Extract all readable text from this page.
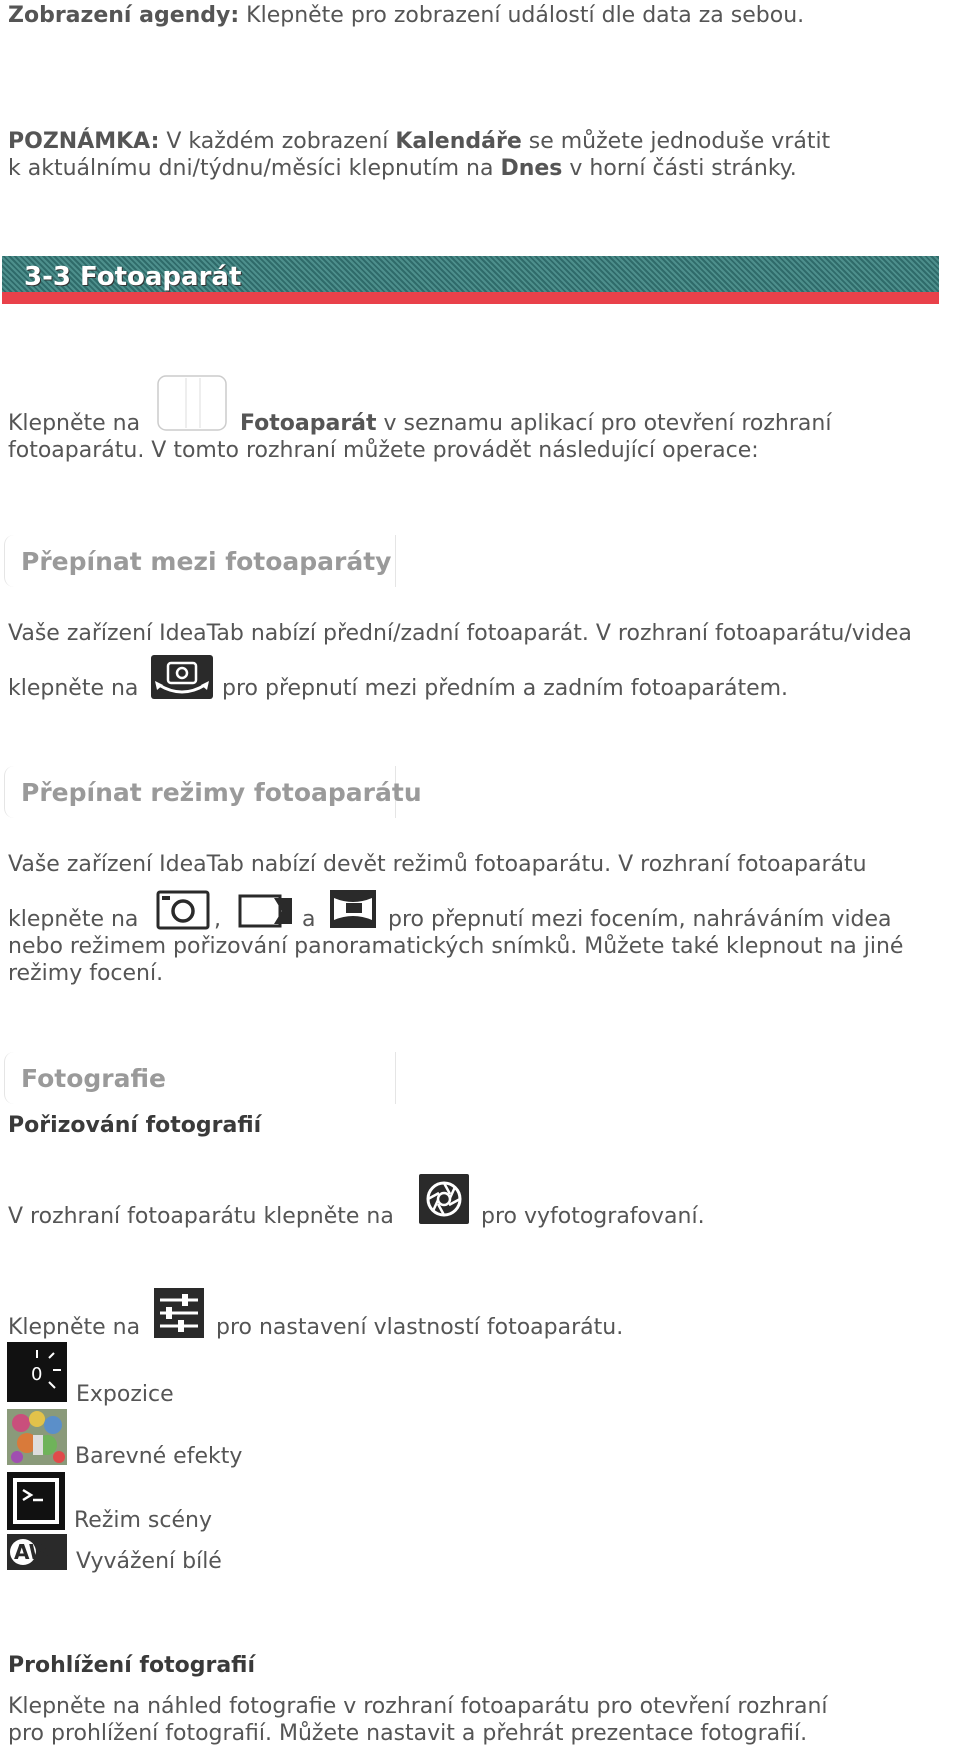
Zobrazení agendy: Klepněte pro zobrazení událostí dle data za sebou.
POZNÁMKA: V každém zobrazení Kalendáře se můžete jednoduše vrátit
k aktuálnímu dni/týdnu/měsíci klepnutím na Dnes v horní části stránky.
3-3 Fotoaparát
Klepněte na	Fotoaparát v seznamu aplikací pro otevření rozhraní
fotoaparátu. V tomto rozhraní můžete provádět následující operace:
Přepínat mezi fotoaparáty
Vaše zařízení IdeaTab nabízí přední/zadní fotoaparát. V rozhraní fotoaparátu/videa
klepněte na	pro přepnutí mezi předním a zadním fotoaparátem.
Přepínat režimy fotoaparátu
Vaše zařízení IdeaTab nabízí devět režimů fotoaparátu. V rozhraní fotoaparátu
klepněte na	,	a	pro přepnutí mezi focením, nahráváním videa
nebo režimem pořizování panoramatických snímků. Můžete také klepnout na jiné
režimy focení.
Fotografie
Pořizování fotografií
V rozhraní fotoaparátu klepněte na	pro vyfotografovaní.
Klepněte na	pro nastavení vlastností fotoaparátu.
0
Expozice
Barevné efekty
Režim scény
AW Vyvážení bílé
Prohlížení fotografií
Klepněte na náhled fotografie v rozhraní fotoaparátu pro otevření rozhraní
pro prohlížení fotografií. Můžete nastavit a přehrát prezentace fotografií.
